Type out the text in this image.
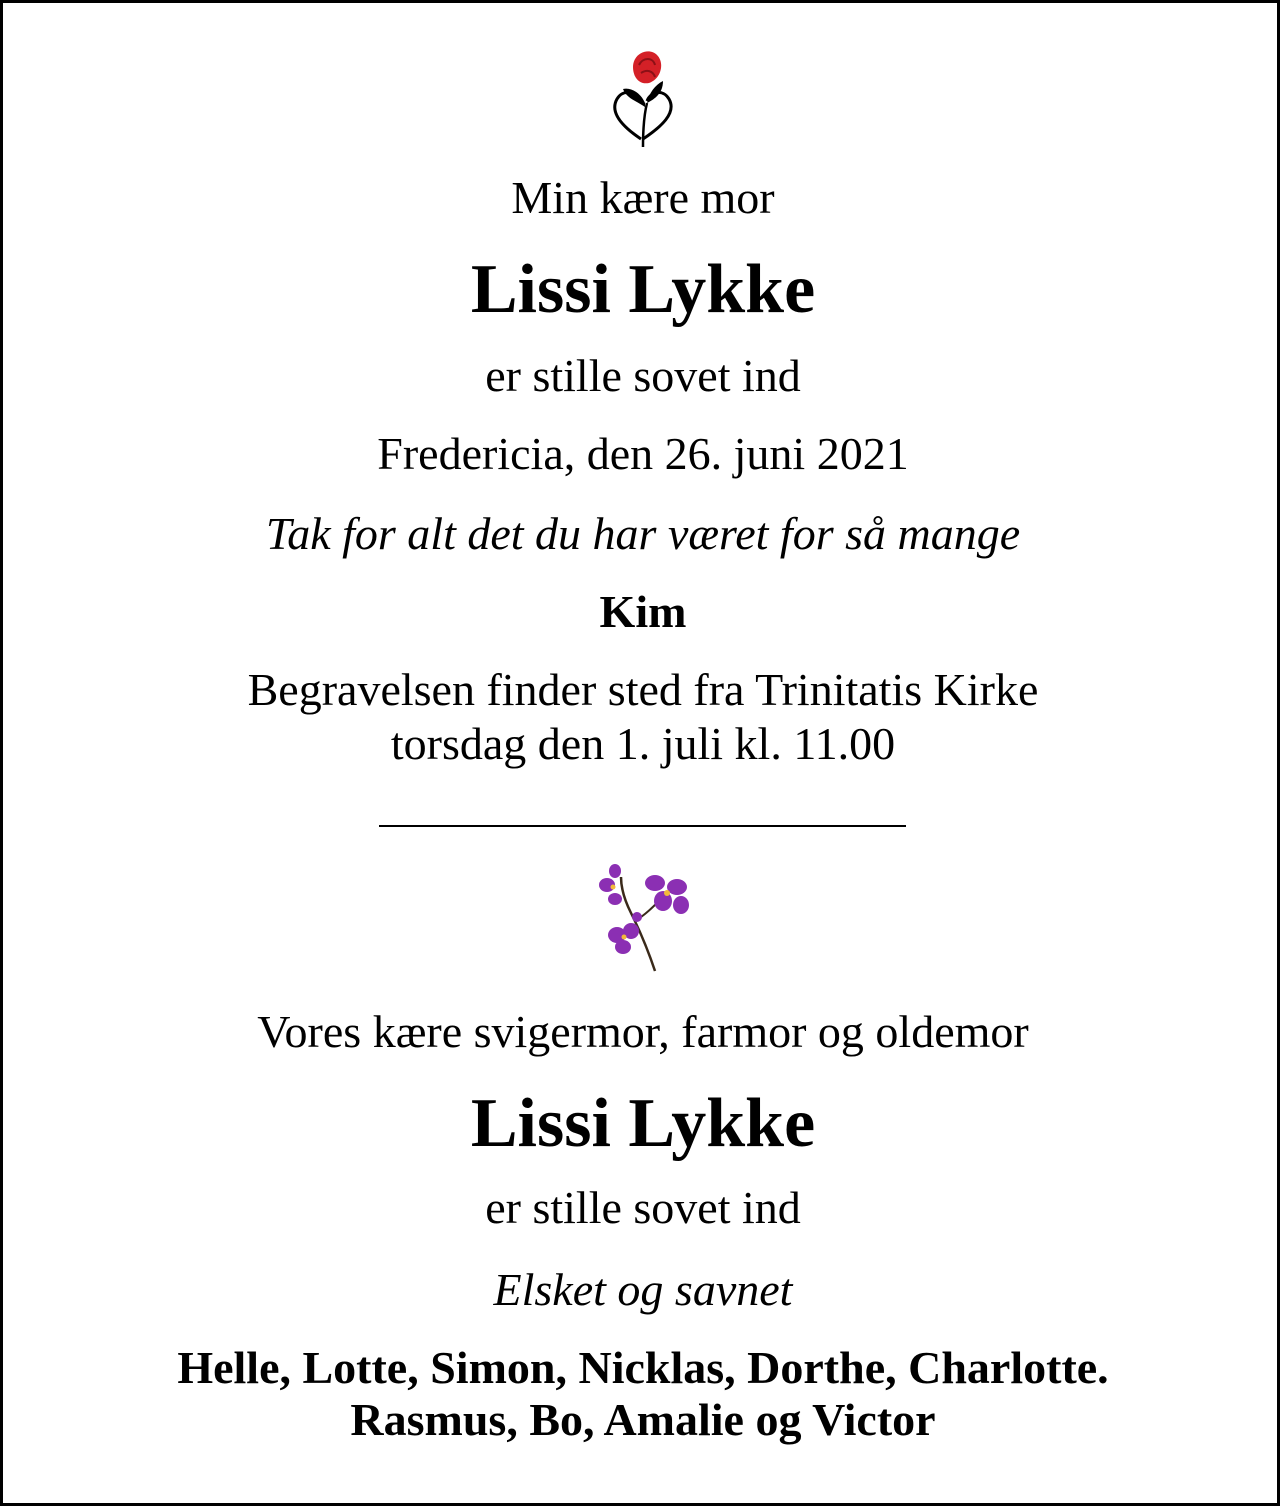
Min kære mor
Lissi Lykke
er stille sovet ind
Fredericia, den 26. juni 2021
Tak for alt det du har været for så mange
Kim
Begravelsen finder sted fra Trinitatis Kirke
torsdag den 1. juli kl. 11.00
Vores kære svigermor, farmor og oldemor
Lissi Lykke
er stille sovet ind
Elsket og savnet
Helle, Lotte, Simon, Nicklas, Dorthe, Charlotte.
Rasmus, Bo, Amalie og Victor
